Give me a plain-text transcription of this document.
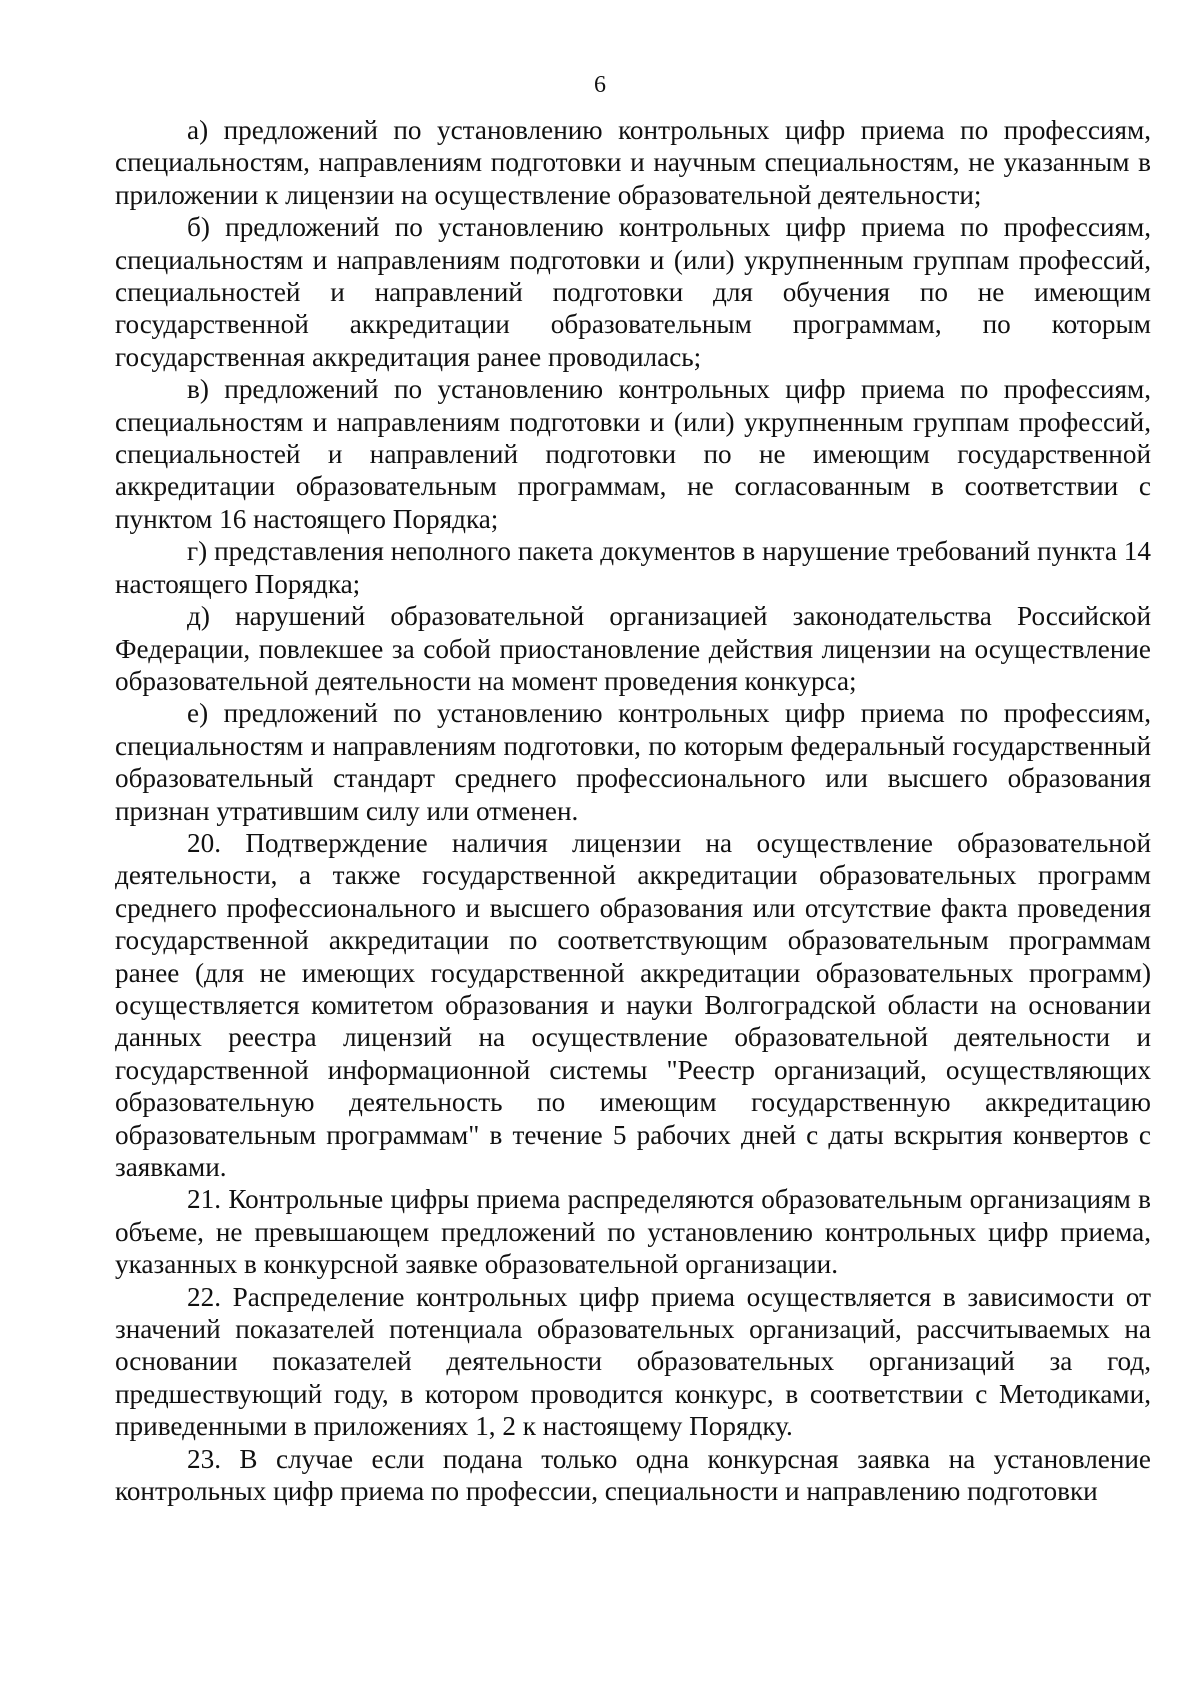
6

а) предложений по установлению контрольных цифр приема по профессиям, специальностям, направлениям подготовки и научным специальностям, не указанным в приложении к лицензии на осуществление образовательной деятельности;

б) предложений по установлению контрольных цифр приема по профессиям, специальностям и направлениям подготовки и (или) укрупненным группам профессий, специальностей и направлений подготовки для обучения по не имеющим государственной аккредитации образовательным программам, по которым государственная аккредитация ранее проводилась;

в) предложений по установлению контрольных цифр приема по профессиям, специальностям и направлениям подготовки и (или) укрупненным группам профессий, специальностей и направлений подготовки по не имеющим государственной аккредитации образовательным программам, не согласованным в соответствии с пунктом 16 настоящего Порядка;

г) представления неполного пакета документов в нарушение требований пункта 14 настоящего Порядка;

д) нарушений образовательной организацией законодательства Российской Федерации, повлекшее за собой приостановление действия лицензии на осуществление образовательной деятельности на момент проведения конкурса;

е) предложений по установлению контрольных цифр приема по профессиям, специальностям и направлениям подготовки, по которым федеральный государственный образовательный стандарт среднего профессионального или высшего образования признан утратившим силу или отменен.

20. Подтверждение наличия лицензии на осуществление образовательной деятельности, а также государственной аккредитации образовательных программ среднего профессионального и высшего образования или отсутствие факта проведения государственной аккредитации по соответствующим образовательным программам ранее (для не имеющих государственной аккредитации образовательных программ) осуществляется комитетом образования и науки Волгоградской области на основании данных реестра лицензий на осуществление образовательной деятельности и государственной информационной системы "Реестр организаций, осуществляющих образовательную деятельность по имеющим государственную аккредитацию образовательным программам" в течение 5 рабочих дней с даты вскрытия конвертов с заявками.

21. Контрольные цифры приема распределяются образовательным организациям в объеме, не превышающем предложений по установлению контрольных цифр приема, указанных в конкурсной заявке образовательной организации.

22. Распределение контрольных цифр приема осуществляется в зависимости от значений показателей потенциала образовательных организаций, рассчитываемых на основании показателей деятельности образовательных организаций за год, предшествующий году, в котором проводится конкурс, в соответствии с Методиками, приведенными в приложениях 1, 2 к настоящему Порядку.

23. В случае если подана только одна конкурсная заявка на установление контрольных цифр приема по профессии, специальности и направлению подготовки
